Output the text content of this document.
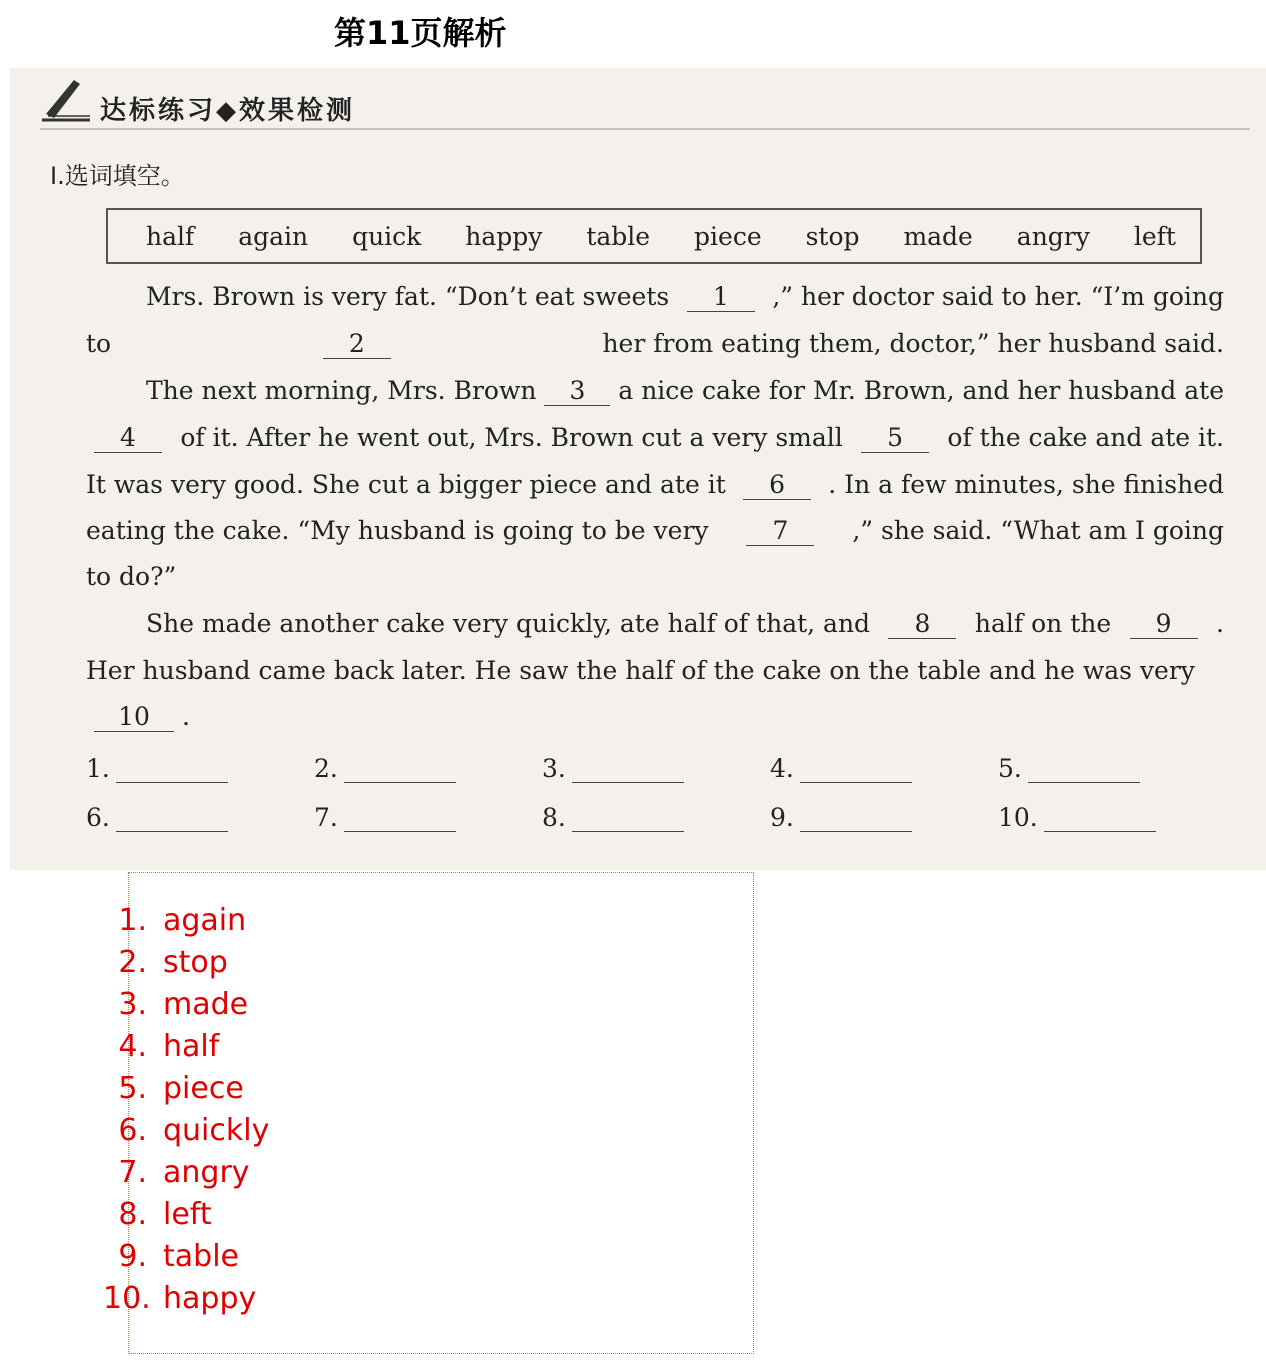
第11页解析
达标练习◆效果检测
Ⅰ.选词填空。
half again quick happy table piece stop made angry left
Mrs. Brown is very fat. “Don’t eat sweets	1	,” her doctor said to her. “I’m going
to	2	her from eating them, doctor,” her husband said.
The next morning, Mrs. Brown	3	a nice cake for Mr. Brown, and her husband ate
4	of it. After he went out, Mrs. Brown cut a very small	5	of the cake and ate it.
It was very good. She cut a bigger piece and ate it	6	. In a few minutes, she finished
eating the cake. “My husband is going to be very	7	,” she said. “What am I going
to do?”
She made another cake very quickly, ate half of that, and	8	half on the	9	.
Her husband came back later. He saw the half of the cake on the table and he was very
10 .
1.	2.	3.	4.	5.
6.	7.	8.	9.	10.
1. again
2. stop
3. made
4. half
5. piece
6. quickly
7. angry
8. left
9. table
10. happy
